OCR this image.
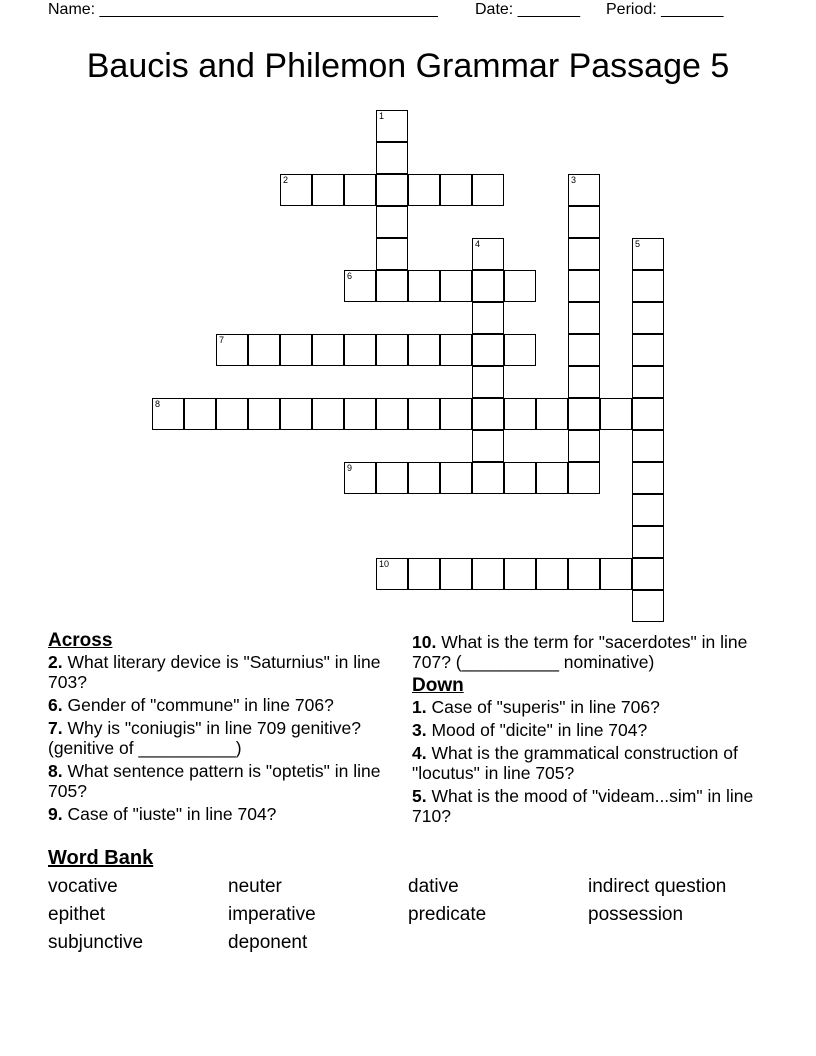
Name: ______________________________________ Date: _______ Period: _______
Baucis and Philemon Grammar Passage 5
1
2	3
4	5
6
7
8
9
10
Across
2. What literary device is "Saturnius" in line 703?
6. Gender of "commune" in line 706?
7. Why is "coniugis" in line 709 genitive? (genitive of __________)
8. What sentence pattern is "optetis" in line 705?
9. Case of "iuste" in line 704?
10. What is the term for "sacerdotes" in line 707? (__________ nominative)
Down
1. Case of "superis" in line 706?
3. Mood of "dicite" in line 704?
4. What is the grammatical construction of "locutus" in line 705?
5. What is the mood of "videam...sim" in line 710?
Word Bank
vocative	neuter	dative	indirect question
epithet	imperative	predicate	possession
subjunctive	deponent
